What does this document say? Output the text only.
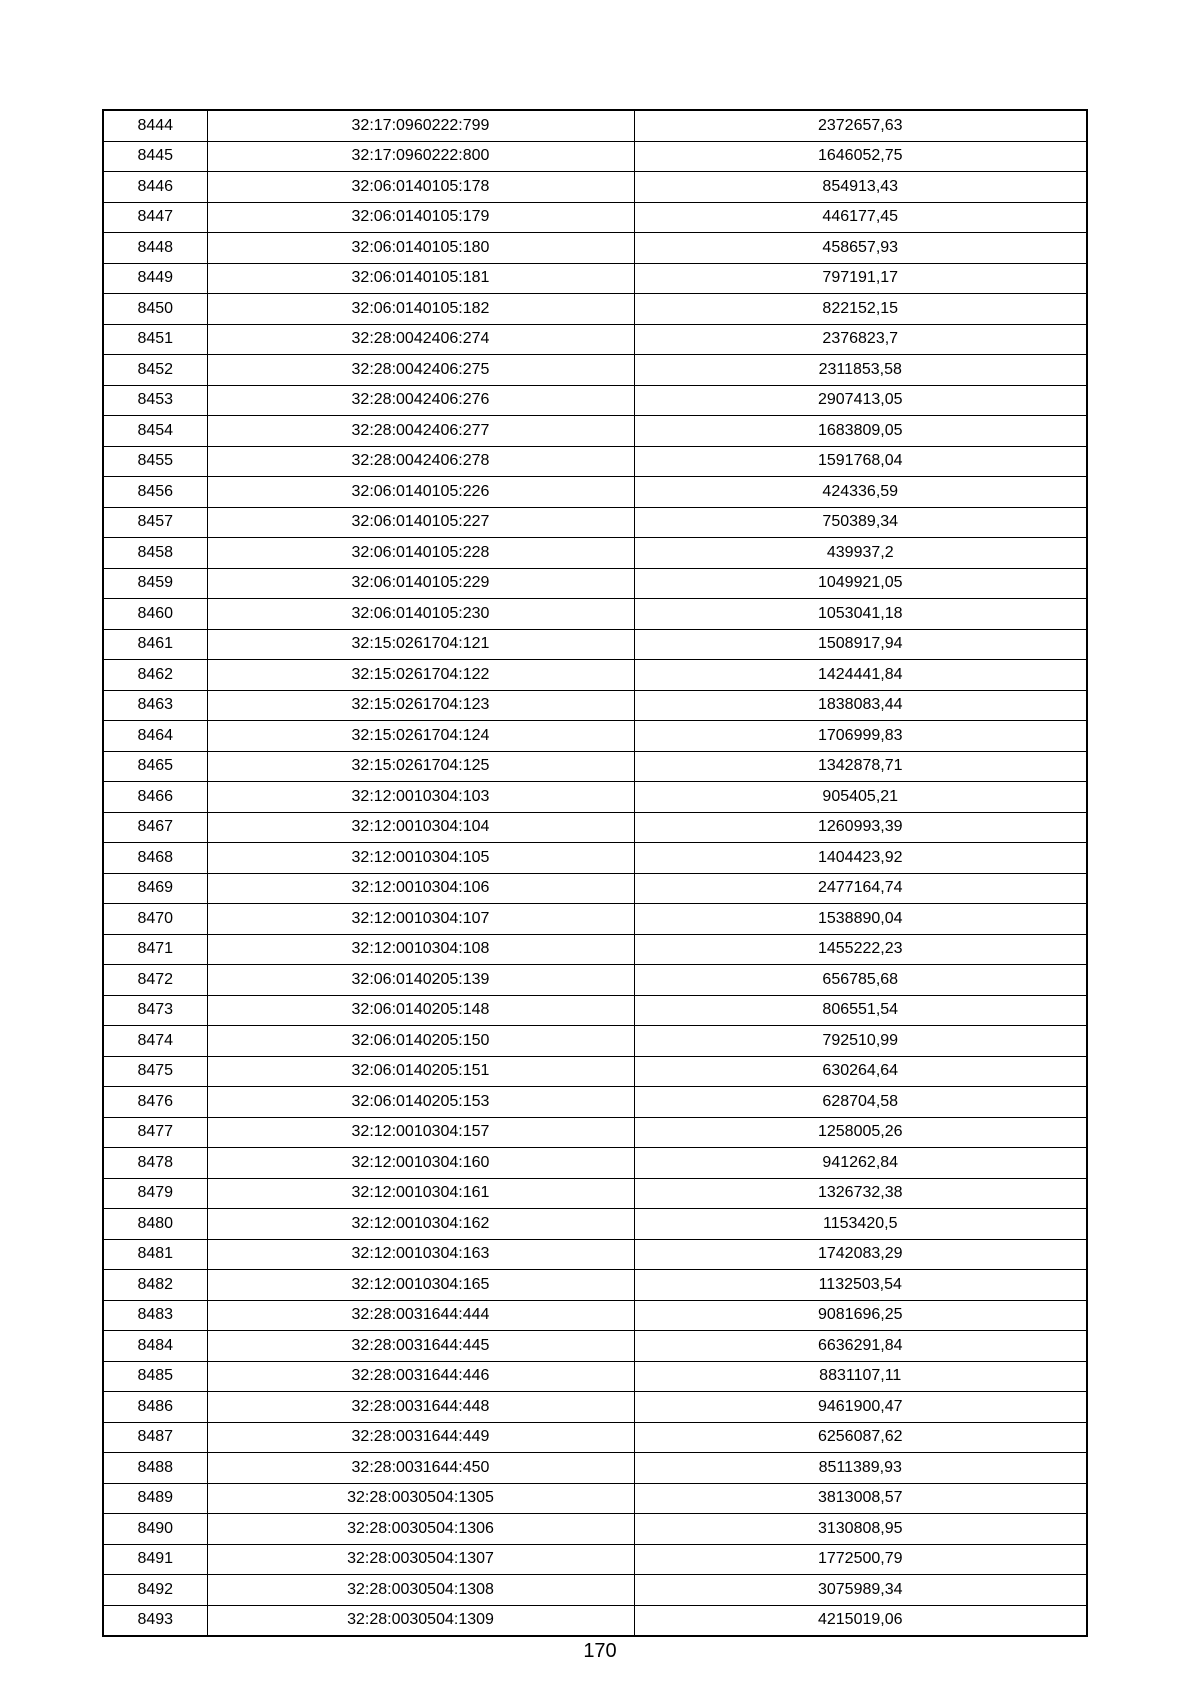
8444	32:17:0960222:799	2372657,63
8445	32:17:0960222:800	1646052,75
8446	32:06:0140105:178	854913,43
8447	32:06:0140105:179	446177,45
8448	32:06:0140105:180	458657,93
8449	32:06:0140105:181	797191,17
8450	32:06:0140105:182	822152,15
8451	32:28:0042406:274	2376823,7
8452	32:28:0042406:275	2311853,58
8453	32:28:0042406:276	2907413,05
8454	32:28:0042406:277	1683809,05
8455	32:28:0042406:278	1591768,04
8456	32:06:0140105:226	424336,59
8457	32:06:0140105:227	750389,34
8458	32:06:0140105:228	439937,2
8459	32:06:0140105:229	1049921,05
8460	32:06:0140105:230	1053041,18
8461	32:15:0261704:121	1508917,94
8462	32:15:0261704:122	1424441,84
8463	32:15:0261704:123	1838083,44
8464	32:15:0261704:124	1706999,83
8465	32:15:0261704:125	1342878,71
8466	32:12:0010304:103	905405,21
8467	32:12:0010304:104	1260993,39
8468	32:12:0010304:105	1404423,92
8469	32:12:0010304:106	2477164,74
8470	32:12:0010304:107	1538890,04
8471	32:12:0010304:108	1455222,23
8472	32:06:0140205:139	656785,68
8473	32:06:0140205:148	806551,54
8474	32:06:0140205:150	792510,99
8475	32:06:0140205:151	630264,64
8476	32:06:0140205:153	628704,58
8477	32:12:0010304:157	1258005,26
8478	32:12:0010304:160	941262,84
8479	32:12:0010304:161	1326732,38
8480	32:12:0010304:162	1153420,5
8481	32:12:0010304:163	1742083,29
8482	32:12:0010304:165	1132503,54
8483	32:28:0031644:444	9081696,25
8484	32:28:0031644:445	6636291,84
8485	32:28:0031644:446	8831107,11
8486	32:28:0031644:448	9461900,47
8487	32:28:0031644:449	6256087,62
8488	32:28:0031644:450	8511389,93
8489	32:28:0030504:1305	3813008,57
8490	32:28:0030504:1306	3130808,95
8491	32:28:0030504:1307	1772500,79
8492	32:28:0030504:1308	3075989,34
8493	32:28:0030504:1309	4215019,06
170
